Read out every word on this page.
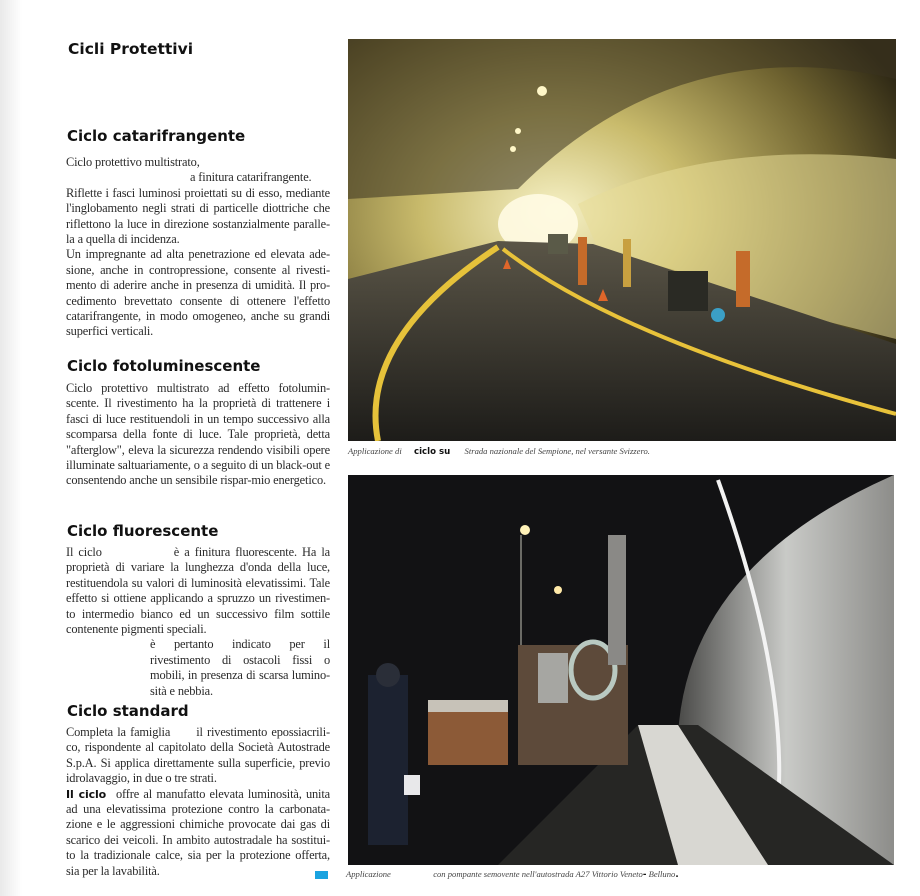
Cicli Protettivi
Ciclo catarifrangente
Ciclo protettivo multistrato,
a finitura catarifrangente.
Riflette i fasci luminosi proiettati su di esso, mediante l'inglobamento negli strati di particelle diottriche che riflettono la luce in direzione sostanzialmente paralle-la a quella di incidenza.
Un impregnante ad alta penetrazione ed elevata ade-sione, anche in contropressione, consente al rivesti-mento di aderire anche in presenza di umidità. Il pro-cedimento brevettato consente di ottenere l'effetto catarifrangente, in modo omogeneo, anche su grandi superfici verticali.
Ciclo fotoluminescente

Ciclo protettivo multistrato ad effetto fotolumin-scente. Il rivestimento ha la proprietà di trattenere i fasci di luce restituendoli in un tempo successivo alla scomparsa della fonte di luce. Tale proprietà, detta "afterglow", eleva la sicurezza rendendo visibili opere illuminate saltuariamente, o a seguito di un black-out e consentendo anche un sensibile rispar-mio energetico.

Ciclo fluorescente
Il ciclo	è a finitura fluorescente. Ha la proprietà di variare la lunghezza d'onda della luce, restituendola su valori di luminosità elevatissimi. Tale effetto si ottiene applicando a spruzzo un rivestimen-to intermedio bianco ed un successivo film sottile contenente pigmenti speciali.
è pertanto indicato per il rivestimento di ostacoli fissi o mobili, in presenza di scarsa lumino-sità e nebbia.
Ciclo standard
Completa la famiglia il rivestimento epossiacrili-co, rispondente al capitolato della Società Autostrade S.p.A. Si applica direttamente sulla superficie, previo idrolavaggio, in due o tre strati.
Il ciclo offre al manufatto elevata luminosità, unita ad una elevatissima protezione contro la carbonata-zione e le aggressioni chimiche provocate dai gas di scarico dei veicoli. In ambito autostradale ha sostitui-to la tradizionale calce, sia per la protezione offerta, sia per la lavabilità.
Applicazione di ciclo su Strada nazionale del Sempione, nel versante Svizzero.
Applicazione	con pompante semovente nell'autostrada A27 Vittorio Veneto- Belluno.
